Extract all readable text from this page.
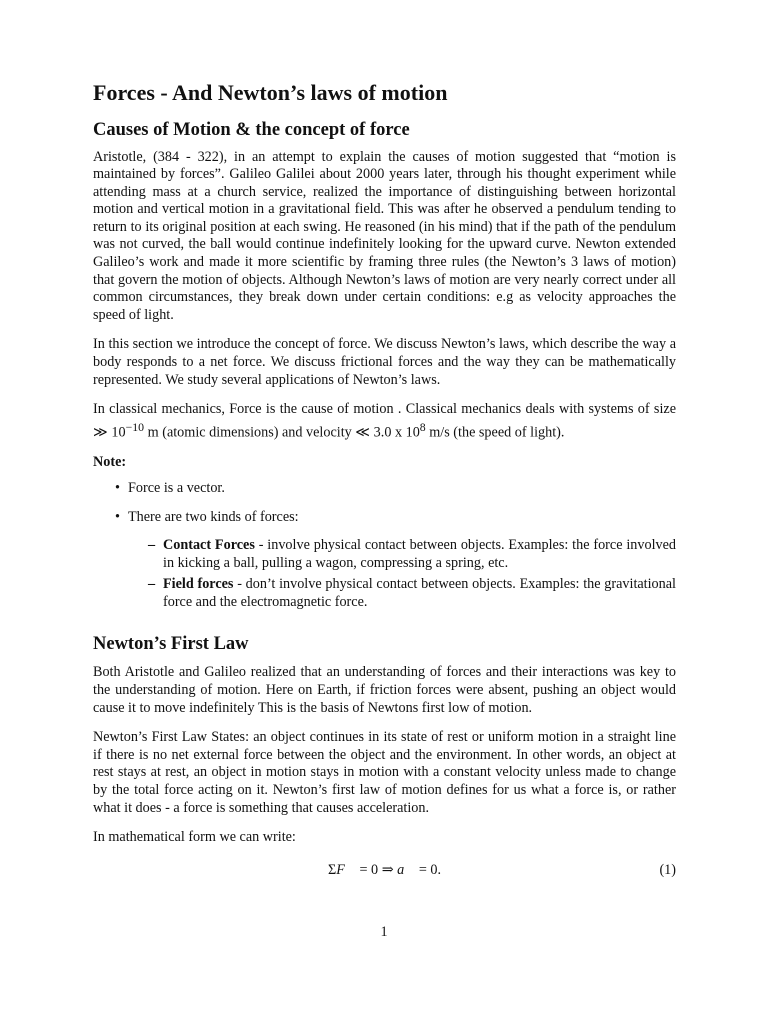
Forces - And Newton’s laws of motion
Causes of Motion & the concept of force

Aristotle, (384 - 322), in an attempt to explain the causes of motion suggested that “motion is maintained by forces”. Galileo Galilei about 2000 years later, through his thought experiment while attending mass at a church service, realized the importance of distinguishing between horizontal motion and vertical motion in a gravitational field. This was after he observed a pendulum tending to return to its original position at each swing. He reasoned (in his mind) that if the path of the pendulum was not curved, the ball would continue indefinitely looking for the upward curve. Newton extended Galileo’s work and made it more scientific by framing three rules (the Newton’s 3 laws of motion) that govern the motion of objects. Although Newton’s laws of motion are very nearly correct under all common circumstances, they break down under certain conditions: e.g as velocity approaches the speed of light.

In this section we introduce the concept of force. We discuss Newton’s laws, which describe the way a body responds to a net force. We discuss frictional forces and the way they can be mathematically represented. We study several applications of Newton’s laws.

In classical mechanics, Force is the cause of motion . Classical mechanics deals with systems of size ≫ $10^{-10}$ m (atomic dimensions) and velocity ≪ 3.0 x $10^8$ m/s (the speed of light).

Note:

• Force is a vector.
• There are two kinds of forces:
– Contact Forces - involve physical contact between objects. Examples: the force involved in kicking a ball, pulling a wagon, compressing a spring, etc.
– Field forces - don’t involve physical contact between objects. Examples: the gravitational force and the electromagnetic force.
Newton’s First Law

Both Aristotle and Galileo realized that an understanding of forces and their interactions was key to the understanding of motion. Here on Earth, if friction forces were absent, pushing an object would cause it to move indefinitely This is the basis of Newtons first low of motion.

Newton’s First Law States: an object continues in its state of rest or uniform motion in a straight line if there is no net external force between the object and the environment. In other words, an object at rest stays at rest, an object in motion stays in motion with a constant velocity unless made to change by the total force acting on it. Newton’s first law of motion defines for us what a force is, or rather what it does - a force is something that causes acceleration.

In mathematical form we can write:

ΣF⃗ = 0 ⇒ a⃗ = 0.	(1)
1
